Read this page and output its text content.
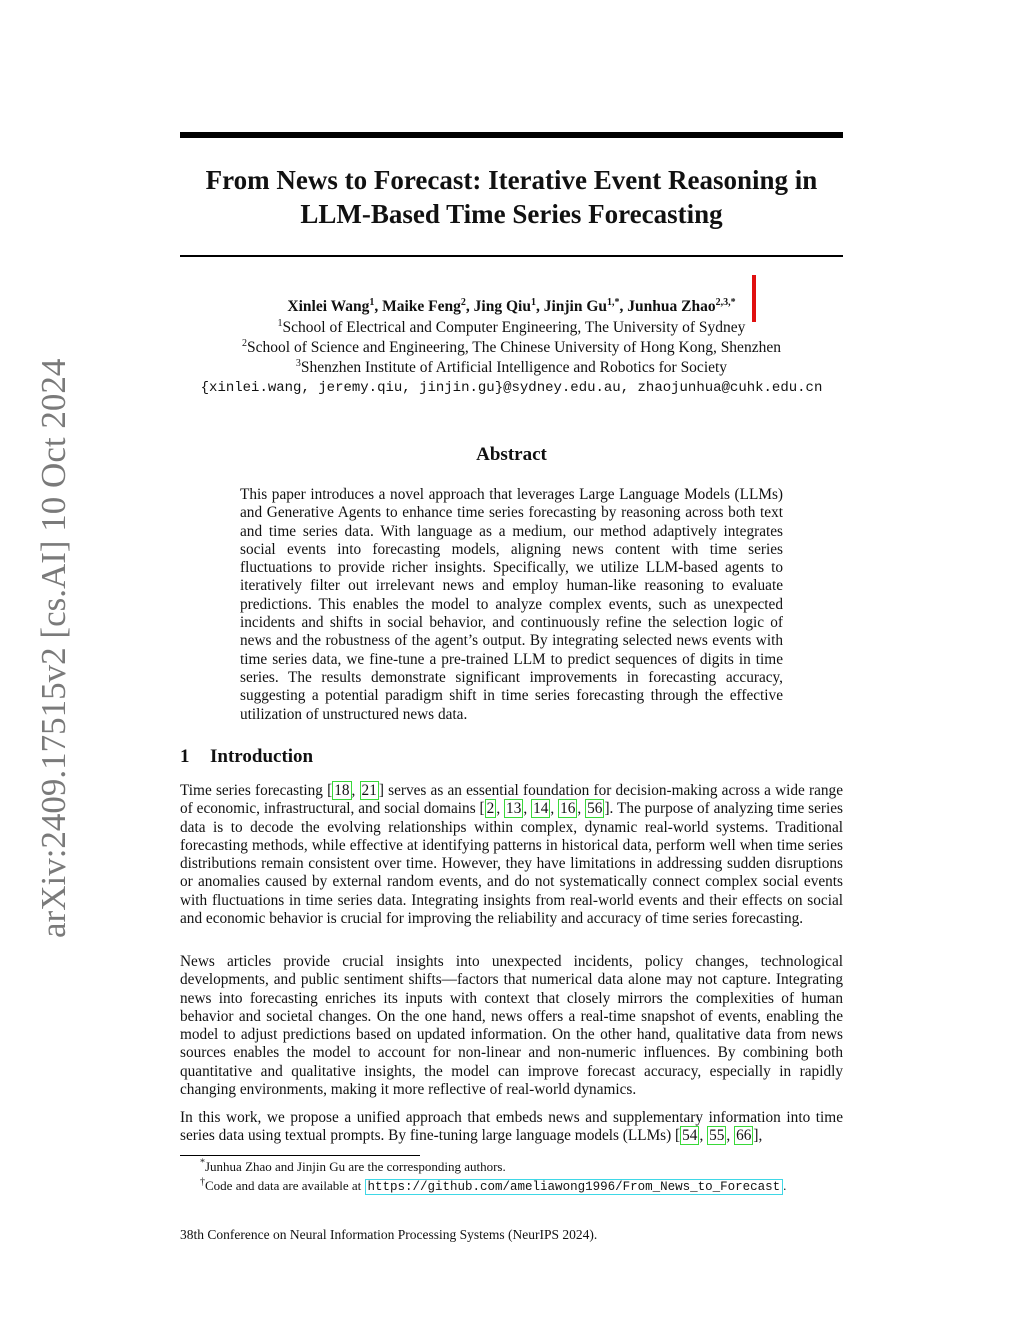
arXiv:2409.17515v2 [cs.AI] 10 Oct 2024
From News to Forecast: Iterative Event Reasoning in
LLM-Based Time Series Forecasting
Xinlei Wang$^1$, Maike Feng$^2$, Jing Qiu$^1$, Jinjin $Gu^{1,*}$, Junhua Zhao$^{2,3,*}$
$^1$School of Electrical and Computer Engineering, The University of Sydney
$^2$School of Science and Engineering, The Chinese University of Hong Kong, Shenzhen
$^3$Shenzhen Institute of Artificial Intelligence and Robotics for Society
{xinlei.wang, jeremy.qiu, jinjin.gu}@sydney.edu.au, zhaojunhua@cuhk.edu.cn
Abstract
This paper introduces a novel approach that leverages Large Language Models (LLMs) and Generative Agents to enhance time series forecasting by reasoning across both text and time series data. With language as a medium, our method adaptively integrates social events into forecasting models, aligning news content with time series fluctuations to provide richer insights. Specifically, we utilize LLM-based agents to iteratively filter out irrelevant news and employ human-like reasoning to evaluate predictions. This enables the model to analyze complex events, such as unexpected incidents and shifts in social behavior, and continuously refine the selection logic of news and the robustness of the agent’s output. By integrating selected news events with time series data, we fine-tune a pre-trained LLM to predict sequences of digits in time series. The results demonstrate significant improvements in forecasting accuracy, suggesting a potential paradigm shift in time series forecasting through the effective utilization of unstructured news data.
1 Introduction
Time series forecasting [ 18 , 21 ] serves as an essential foundation for decision-making across a wide range of economic, infrastructural, and social domains [ 2 , 13 , 14 , 16 , 56 ]. The purpose of analyzing time series data is to decode the evolving relationships within complex, dynamic real-world systems. Traditional forecasting methods, while effective at identifying patterns in historical data, perform well when time series distributions remain consistent over time. However, they have limitations in addressing sudden disruptions or anomalies caused by external random events, and do not systematically connect complex social events with fluctuations in time series data. Integrating insights from real-world events and their effects on social and economic behavior is crucial for improving the reliability and accuracy of time series forecasting.
News articles provide crucial insights into unexpected incidents, policy changes, technological developments, and public sentiment shifts—factors that numerical data alone may not capture. Integrating news into forecasting enriches its inputs with context that closely mirrors the complexities of human behavior and societal changes. On the one hand, news offers a real-time snapshot of events, enabling the model to adjust predictions based on updated information. On the other hand, qualitative data from news sources enables the model to account for non-linear and non-numeric influences. By combining both quantitative and qualitative insights, the model can improve forecast accuracy, especially in rapidly changing environments, making it more reflective of real-world dynamics.
In this work, we propose a unified approach that embeds news and supplementary information into time series data using textual prompts. By fine-tuning large language models (LLMs) [ 54 , 55 , 66 ],
*Junhua Zhao and Jinjin Gu are the corresponding authors.
†Code and data are available at https://github.com/ameliawong1996/From_News_to_Forecast .
38th Conference on Neural Information Processing Systems (NeurIPS 2024).
